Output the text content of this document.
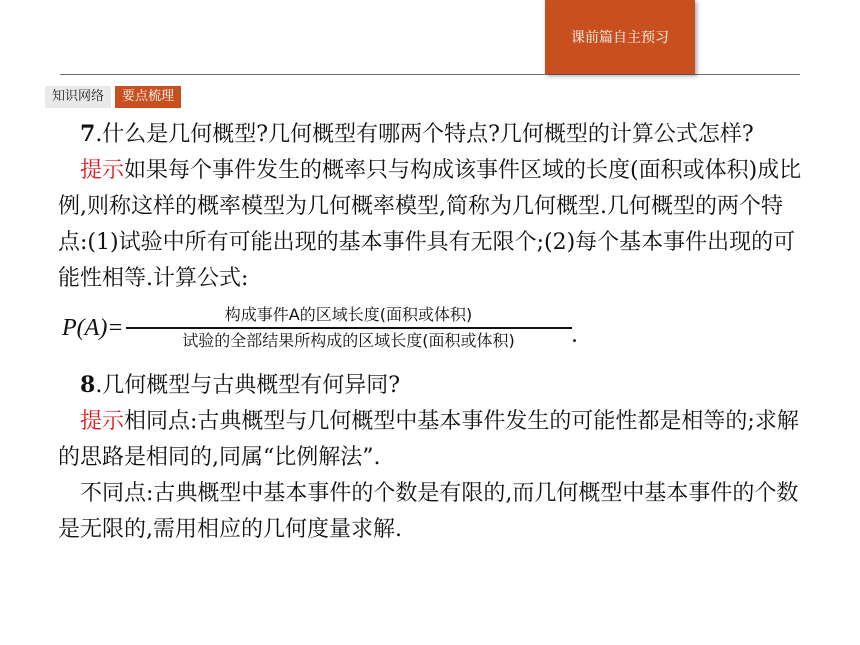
课前篇自主预习
知识网络	要点梳理

7.什么是几何概型?几何概型有哪两个特点?几何概型的计算公式怎样?

提示如果每个事件发生的概率只与构成该事件区域的长度(面积或体积)成比例,则称这样的概率模型为几何概率模型,简称为几何概型.几何概型的两个特点:(1)试验中所有可能出现的基本事件具有无限个;(2)每个基本事件出现的可能性相等.计算公式:

$P(A)= \frac{\text{构成事件A的区域长度(面积或体积)}}{\text{试验的全部结果所构成的区域长度(面积或体积)}}$ .

8.几何概型与古典概型有何异同?

提示相同点:古典概型与几何概型中基本事件发生的可能性都是相等的;求解的思路是相同的,同属“比例解法”.

不同点:古典概型中基本事件的个数是有限的,而几何概型中基本事件的个数是无限的,需用相应的几何度量求解.
